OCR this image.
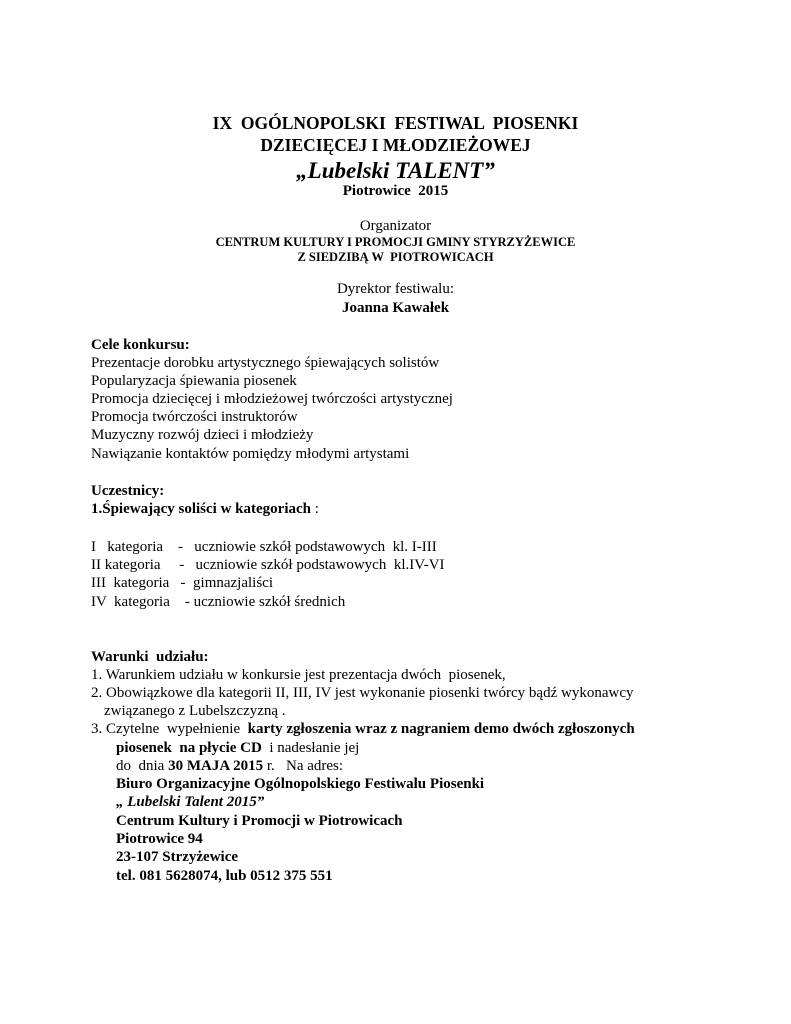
IX  OGÓLNOPOLSKI  FESTIWAL  PIOSENKI
DZIECIĘCEJ I MŁODZIEŻOWEJ
„Lubelski TALENT”
Piotrowice  2015
Organizator
CENTRUM KULTURY I PROMOCJI GMINY STYRZYŻEWICE
Z SIEDZIBĄ W  PIOTROWICACH
Dyrektor festiwalu:
Joanna Kawałek
Cele konkursu:
Prezentacje dorobku artystycznego śpiewających solistów
Popularyzacja śpiewania piosenek
Promocja dziecięcej i młodzieżowej twórczości artystycznej
Promocja twórczości instruktorów
Muzyczny rozwój dzieci i młodzieży
Nawiązanie kontaktów pomiędzy młodymi artystami
Uczestnicy:
1.Śpiewający soliści w kategoriach :
I   kategoria    -   uczniowie szkół podstawowych  kl. I-III
II kategoria     -   uczniowie szkół podstawowych  kl.IV-VI
III  kategoria   -  gimnazjaliści
IV  kategoria    - uczniowie szkół średnich
Warunki  udziału:
1. Warunkiem udziału w konkursie jest prezentacja dwóch  piosenek,
2. Obowiązkowe dla kategorii II, III, IV jest wykonanie piosenki twórcy bądź wykonawcy
związanego z Lubelszczyzną .
3. Czytelne  wypełnienie  karty zgłoszenia wraz z nagraniem demo dwóch zgłoszonych
piosenek  na płycie CD  i nadesłanie jej
do  dnia 30 MAJA 2015 r.   Na adres:
Biuro Organizacyjne Ogólnopolskiego Festiwalu Piosenki
„ Lubelski Talent 2015”
Centrum Kultury i Promocji w Piotrowicach
Piotrowice 94
23-107 Strzyżewice
tel. 081 5628074, lub 0512 375 551
